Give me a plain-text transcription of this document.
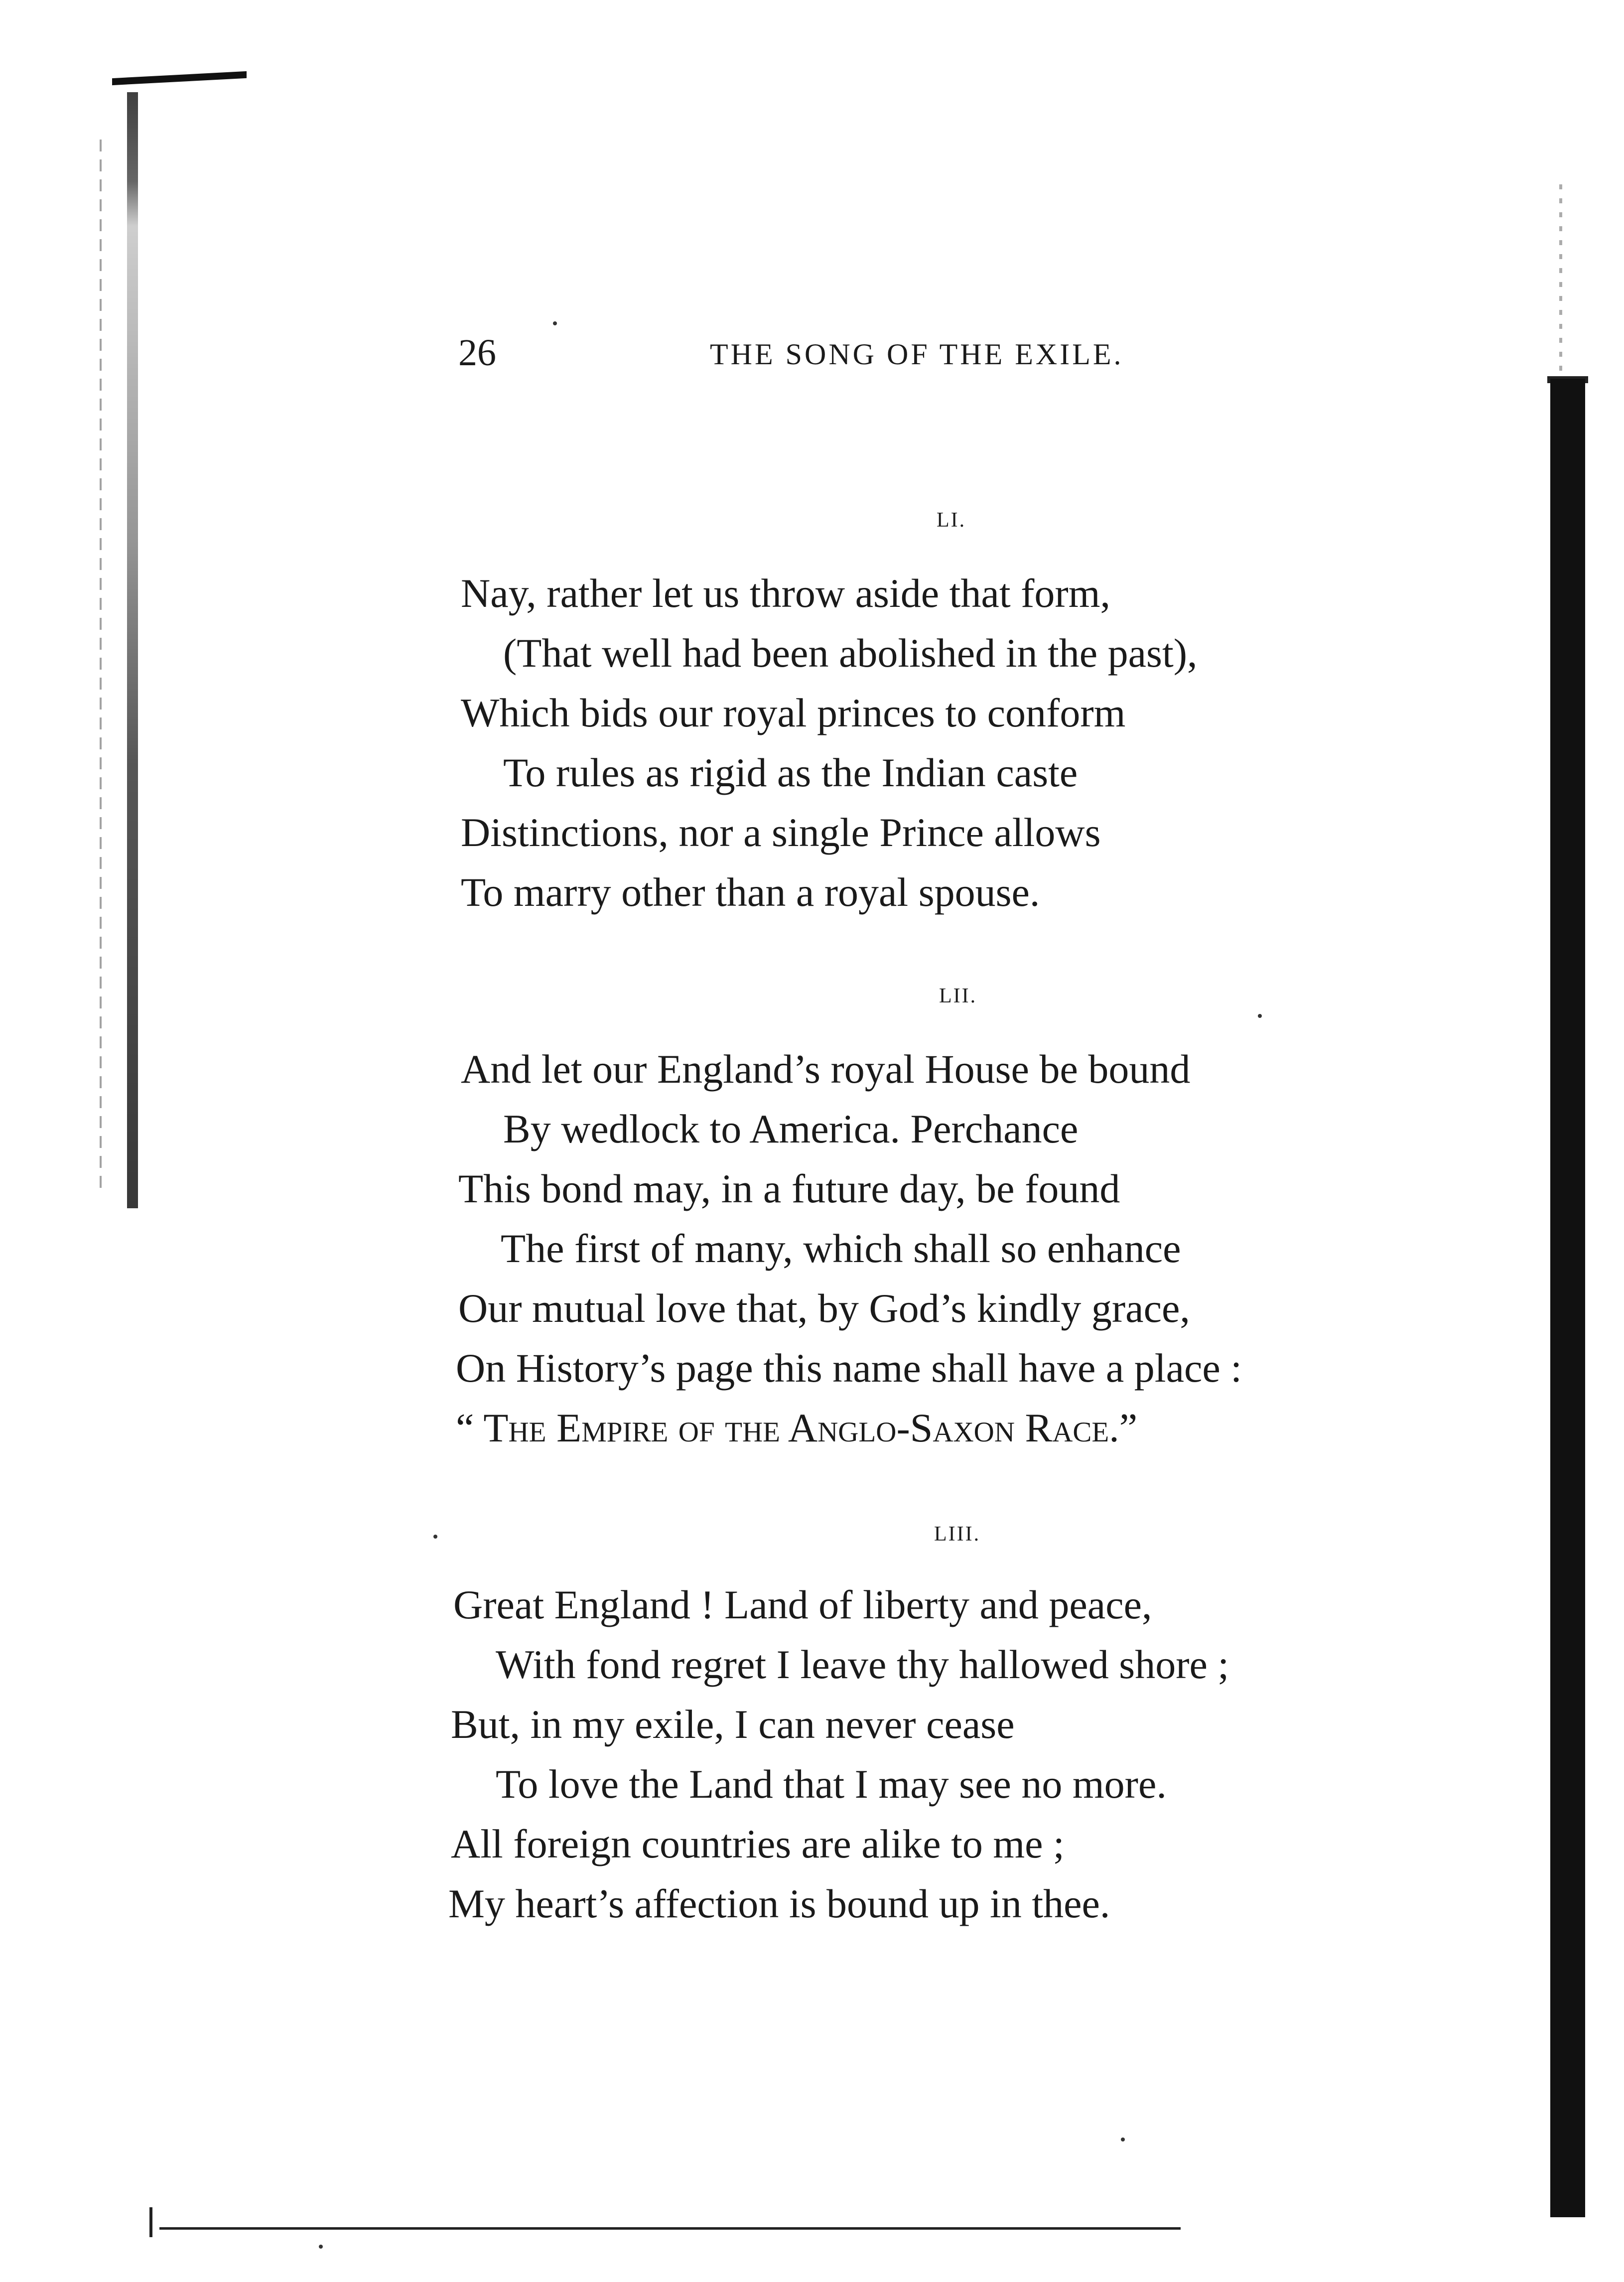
26	THE SONG OF THE EXILE.
LI.
Nay, rather let us throw aside that form,
(That well had been abolished in the past),
Which bids our royal princes to conform
To rules as rigid as the Indian caste
Distinctions, nor a single Prince allows
To marry other than a royal spouse.
LII.
And let our England’s royal House be bound
By wedlock to America. Perchance
This bond may, in a future day, be found
The first of many, which shall so enhance
Our mutual love that, by God’s kindly grace,
On History’s page this name shall have a place :
“ The Empire of the Anglo-Saxon Race.”
LIII.
Great England ! Land of liberty and peace,
With fond regret I leave thy hallowed shore ;
But, in my exile, I can never cease
To love the Land that I may see no more.
All foreign countries are alike to me ;
My heart’s affection is bound up in thee.
